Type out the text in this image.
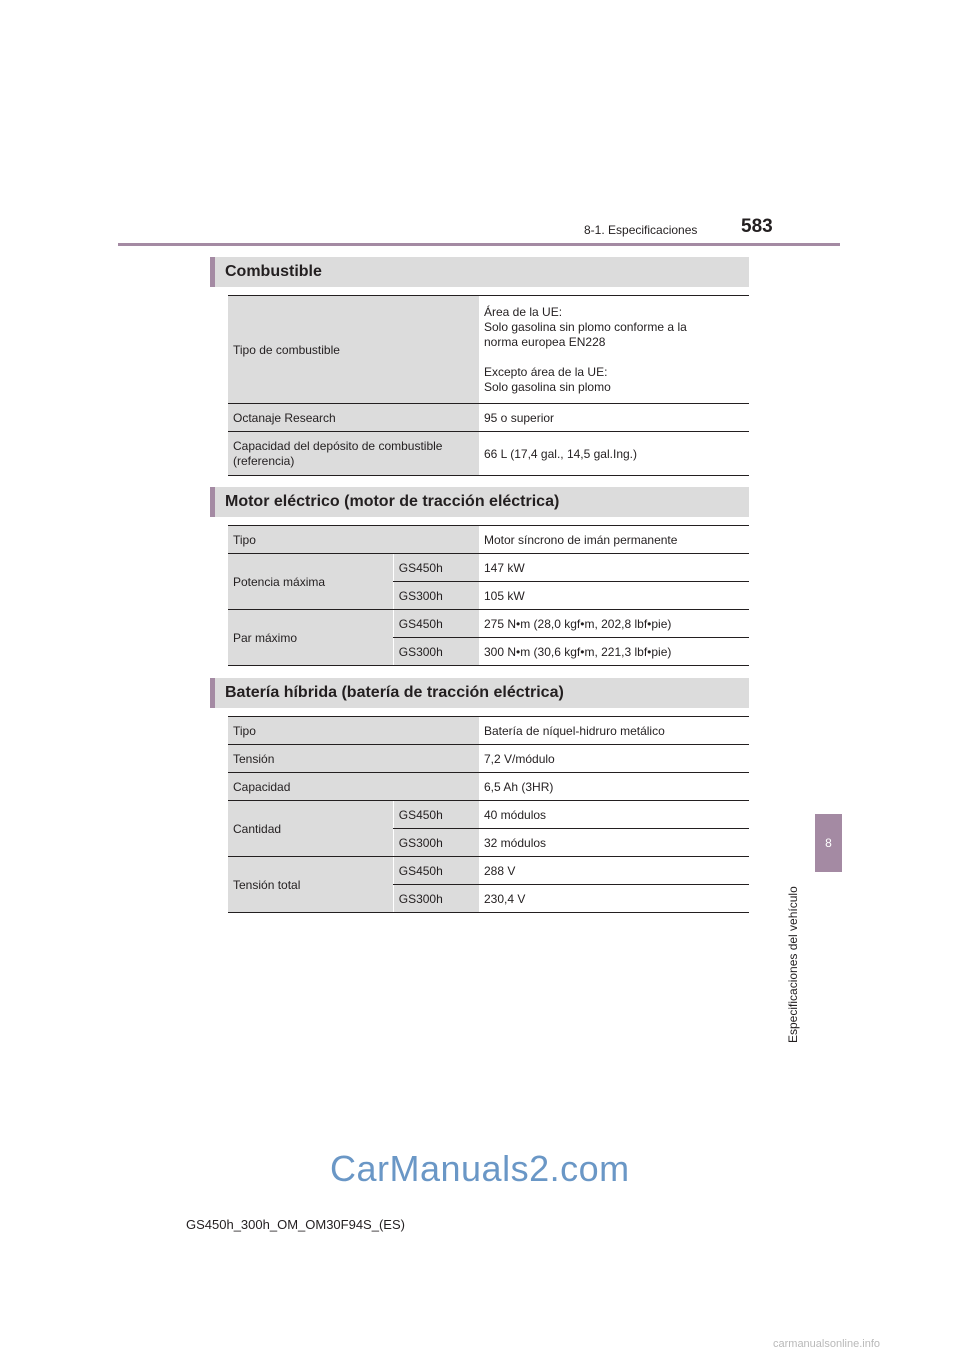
8-1. Especificaciones 583
8
Especificaciones del vehículo
Combustible
Tipo de combustible	Área de la UE:
Solo gasolina sin plomo conforme a la
norma europea EN228
Excepto área de la UE:
Solo gasolina sin plomo

Octanaje Research	95 o superior

Capacidad del depósito de combustible
(referencia)	66 L (17,4 gal., 14,5 gal.Ing.)
Motor eléctrico (motor de tracción eléctrica)
Tipo		Motor síncrono de imán permanente
Potencia máxima	GS450h	147 kW
	GS300h	105 kW
Par máximo	GS450h	275 N•m (28,0 kgf•m, 202,8 lbf•pie)
	GS300h	300 N•m (30,6 kgf•m, 221,3 lbf•pie)
Batería híbrida (batería de tracción eléctrica)
Tipo		Batería de níquel-hidruro metálico
Tensión		7,2 V/módulo
Capacidad		6,5 Ah (3HR)
Cantidad	GS450h	40 módulos
	GS300h	32 módulos
Tensión total	GS450h	288 V
	GS300h	230,4 V
CarManuals2.com
GS450h_300h_OM_OM30F94S_(ES)
carmanualsonline.info
